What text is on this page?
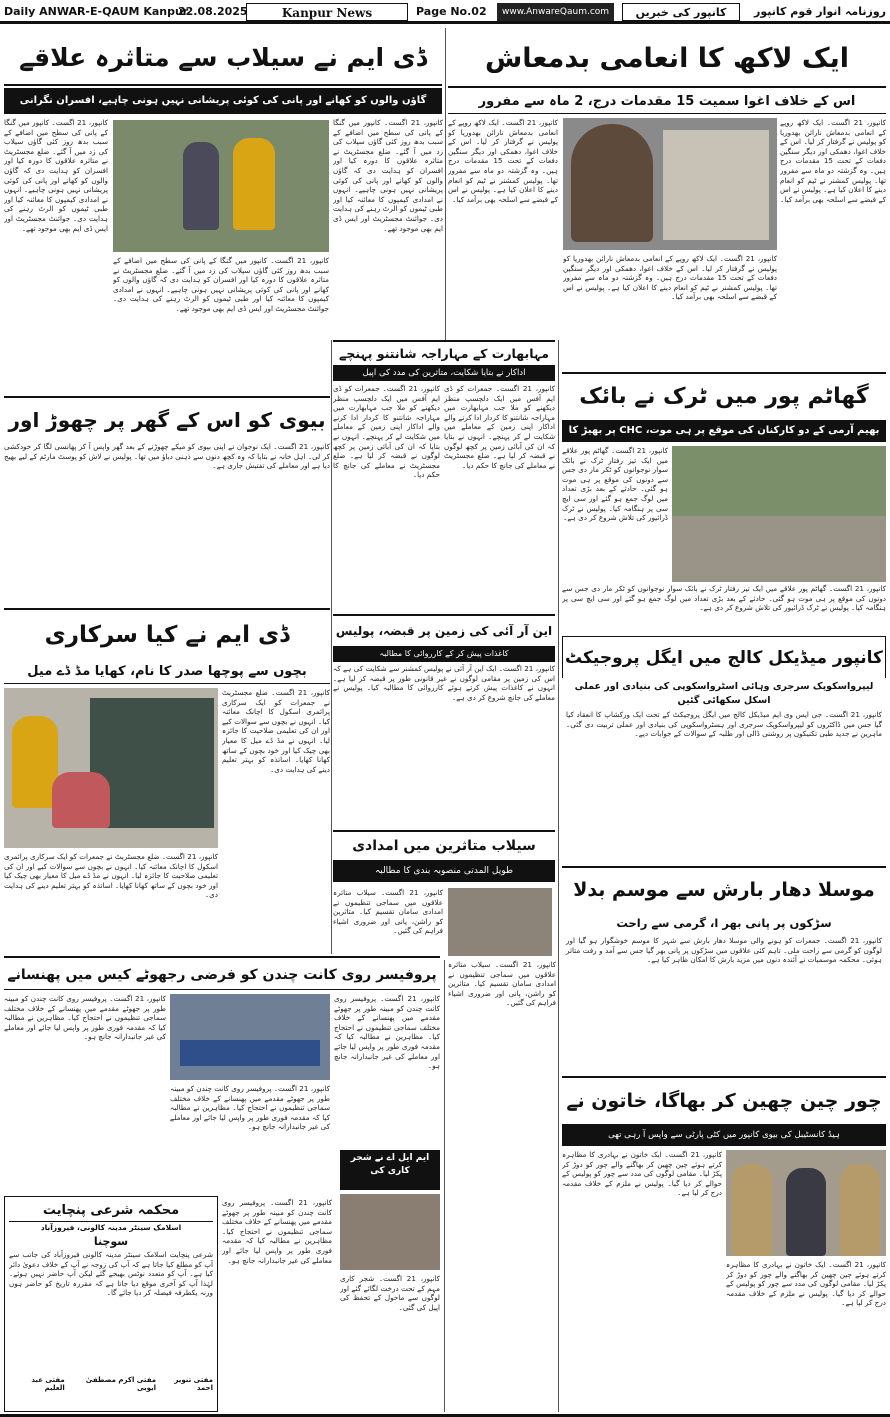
Daily ANWAR-E-QAUM Kanpur
22.08.2025	Kanpur News	Page No.02	www.AnwareQaum.com	کانپور کی خبریں	روزنامہ انوار قوم کانپور
ایک لاکھ کا انعامی بدمعاش
اس کے خلاف اغوا سمیت 15 مقدمات درج، 2 ماہ سے مفرور
کانپور، 21 اگست۔ ایک لاکھ روپے کے انعامی بدمعاش نارائن بھدوریا کو پولیس نے گرفتار کر لیا۔ اس کے خلاف اغوا، دھمکی اور دیگر سنگین دفعات کے تحت 15 مقدمات درج ہیں۔ وہ گزشتہ دو ماہ سے مفرور تھا۔ پولیس کمشنر نے ٹیم کو انعام دینے کا اعلان کیا ہے۔ پولیس نے اس کے قبضے سے اسلحہ بھی برآمد کیا۔
کانپور، 21 اگست۔ ایک لاکھ روپے کے انعامی بدمعاش نارائن بھدوریا کو پولیس نے گرفتار کر لیا۔ اس کے خلاف اغوا، دھمکی اور دیگر سنگین دفعات کے تحت 15 مقدمات درج ہیں۔ وہ گزشتہ دو ماہ سے مفرور تھا۔ پولیس کمشنر نے ٹیم کو انعام دینے کا اعلان کیا ہے۔ پولیس نے اس کے قبضے سے اسلحہ بھی برآمد کیا۔
کانپور، 21 اگست۔ ایک لاکھ روپے کے انعامی بدمعاش نارائن بھدوریا کو پولیس نے گرفتار کر لیا۔ اس کے خلاف اغوا، دھمکی اور دیگر سنگین دفعات کے تحت 15 مقدمات درج ہیں۔ وہ گزشتہ دو ماہ سے مفرور تھا۔ پولیس کمشنر نے ٹیم کو انعام دینے کا اعلان کیا ہے۔ پولیس نے اس کے قبضے سے اسلحہ بھی برآمد کیا۔
ڈی ایم نے سیلاب سے متاثرہ علاقے
گاؤں والوں کو کھانے اور پانی کی کوئی پریشانی نہیں ہونی چاہیے، افسران نگرانی
کانپور، 21 اگست۔ کانپور میں گنگا کے پانی کی سطح میں اضافے کے سبب بدھ روز کئی گاؤں سیلاب کی زد میں آ گئے۔ ضلع مجسٹریٹ نے متاثرہ علاقوں کا دورہ کیا اور افسران کو ہدایت دی کہ گاؤں والوں کو کھانے اور پانی کی کوئی پریشانی نہیں ہونی چاہیے۔ انہوں نے امدادی کیمپوں کا معائنہ کیا اور طبی ٹیموں کو الرٹ رہنے کی ہدایت دی۔ جوائنٹ مجسٹریٹ اور ایس ڈی ایم بھی موجود تھے۔
کانپور، 21 اگست۔ کانپور میں گنگا کے پانی کی سطح میں اضافے کے سبب بدھ روز کئی گاؤں سیلاب کی زد میں آ گئے۔ ضلع مجسٹریٹ نے متاثرہ علاقوں کا دورہ کیا اور افسران کو ہدایت دی کہ گاؤں والوں کو کھانے اور پانی کی کوئی پریشانی نہیں ہونی چاہیے۔ انہوں نے امدادی کیمپوں کا معائنہ کیا اور طبی ٹیموں کو الرٹ رہنے کی ہدایت دی۔ جوائنٹ مجسٹریٹ اور ایس ڈی ایم بھی موجود تھے۔
کانپور، 21 اگست۔ کانپور میں گنگا کے پانی کی سطح میں اضافے کے سبب بدھ روز کئی گاؤں سیلاب کی زد میں آ گئے۔ ضلع مجسٹریٹ نے متاثرہ علاقوں کا دورہ کیا اور افسران کو ہدایت دی کہ گاؤں والوں کو کھانے اور پانی کی کوئی پریشانی نہیں ہونی چاہیے۔ انہوں نے امدادی کیمپوں کا معائنہ کیا اور طبی ٹیموں کو الرٹ رہنے کی ہدایت دی۔ جوائنٹ مجسٹریٹ اور ایس ڈی ایم بھی موجود تھے۔
مہابھارت کے مہاراجہ شانتنو پہنچے
اداکار نے بتایا شکایت، متاثرین کی مدد کی اپیل
کانپور، 21 اگست۔ جمعرات کو ڈی ایم آفس میں ایک دلچسپ منظر دیکھنے کو ملا جب مہابھارت میں مہاراجہ شانتنو کا کردار ادا کرنے والے اداکار اپنی زمین کے معاملے میں شکایت لے کر پہنچے۔ انہوں نے بتایا کہ ان کی آبائی زمین پر کچھ لوگوں نے قبضہ کر لیا ہے۔ ضلع مجسٹریٹ نے معاملے کی جانچ کا حکم دیا۔
کانپور، 21 اگست۔ جمعرات کو ڈی ایم آفس میں ایک دلچسپ منظر دیکھنے کو ملا جب مہابھارت میں مہاراجہ شانتنو کا کردار ادا کرنے والے اداکار اپنی زمین کے معاملے میں شکایت لے کر پہنچے۔ انہوں نے بتایا کہ ان کی آبائی زمین پر کچھ لوگوں نے قبضہ کر لیا ہے۔ ضلع مجسٹریٹ نے معاملے کی جانچ کا حکم دیا۔
گھاٹم پور میں ٹرک نے بائک
بھیم آرمی کے دو کارکنان کی موقع پر ہی موت، CHC پر بھیڑ کا
کانپور، 21 اگست۔ گھاٹم پور علاقے میں ایک تیز رفتار ٹرک نے بائک سوار نوجوانوں کو ٹکر مار دی جس سے دونوں کی موقع پر ہی موت ہو گئی۔ حادثے کے بعد بڑی تعداد میں لوگ جمع ہو گئے اور سی ایچ سی پر ہنگامہ کیا۔ پولیس نے ٹرک ڈرائیور کی تلاش شروع کر دی ہے۔
کانپور، 21 اگست۔ گھاٹم پور علاقے میں ایک تیز رفتار ٹرک نے بائک سوار نوجوانوں کو ٹکر مار دی جس سے دونوں کی موقع پر ہی موت ہو گئی۔ حادثے کے بعد بڑی تعداد میں لوگ جمع ہو گئے اور سی ایچ سی پر ہنگامہ کیا۔ پولیس نے ٹرک ڈرائیور کی تلاش شروع کر دی ہے۔
بیوی کو اس کے گھر پر چھوڑ اور
کانپور، 21 اگست۔ ایک نوجوان نے اپنی بیوی کو میکے چھوڑنے کے بعد گھر واپس آ کر پھانسی لگا کر خودکشی کر لی۔ اہل خانہ نے بتایا کہ وہ کچھ دنوں سے ذہنی دباؤ میں تھا۔ پولیس نے لاش کو پوسٹ مارٹم کے لیے بھیج دیا ہے اور معاملے کی تفتیش جاری ہے۔
این آر آئی کی زمین پر قبضہ، پولیس
کاغذات پیش کر کے کارروائی کا مطالبہ
کانپور، 21 اگست۔ ایک این آر آئی نے پولیس کمشنر سے شکایت کی ہے کہ اس کی زمین پر مقامی لوگوں نے غیر قانونی طور پر قبضہ کر لیا ہے۔ انہوں نے کاغذات پیش کرتے ہوئے کارروائی کا مطالبہ کیا۔ پولیس نے معاملے کی جانچ شروع کر دی ہے۔
ڈی ایم نے کیا سرکاری
بچوں سے پوچھا صدر کا نام، کھایا مڈ ڈے میل
کانپور، 21 اگست۔ ضلع مجسٹریٹ نے جمعرات کو ایک سرکاری پرائمری اسکول کا اچانک معائنہ کیا۔ انہوں نے بچوں سے سوالات کیے اور ان کی تعلیمی صلاحیت کا جائزہ لیا۔ انہوں نے مڈ ڈے میل کا معیار بھی چیک کیا اور خود بچوں کے ساتھ کھانا کھایا۔ اساتذہ کو بہتر تعلیم دینے کی ہدایت دی۔
کانپور، 21 اگست۔ ضلع مجسٹریٹ نے جمعرات کو ایک سرکاری پرائمری اسکول کا اچانک معائنہ کیا۔ انہوں نے بچوں سے سوالات کیے اور ان کی تعلیمی صلاحیت کا جائزہ لیا۔ انہوں نے مڈ ڈے میل کا معیار بھی چیک کیا اور خود بچوں کے ساتھ کھانا کھایا۔ اساتذہ کو بہتر تعلیم دینے کی ہدایت دی۔
کانپور میڈیکل کالج میں ایگل پروجیکٹ
لیپرواسکوپک سرجری وہائی اسٹرواسکوپی کی بنیادی اور عملی اسکل سکھائی گئیں
کانپور، 21 اگست۔ جی ایس وی ایم میڈیکل کالج میں ایگل پروجیکٹ کے تحت ایک ورکشاپ کا انعقاد کیا گیا جس میں ڈاکٹروں کو لیپرواسکوپک سرجری اور ہسٹرواسکوپی کی بنیادی اور عملی تربیت دی گئی۔ ماہرین نے جدید طبی تکنیکوں پر روشنی ڈالی اور طلبہ کے سوالات کے جوابات دیے۔
سیلاب متاثرین میں امدادی
طویل المدتی منصوبہ بندی کا مطالبہ
کانپور، 21 اگست۔ سیلاب متاثرہ علاقوں میں سماجی تنظیموں نے امدادی سامان تقسیم کیا۔ متاثرین کو راشن، پانی اور ضروری اشیاء فراہم کی گئیں۔
موسلا دھار بارش سے موسم بدلا
سڑکوں پر پانی بھر ا، گرمی سے راحت
کانپور، 21 اگست۔ جمعرات کو ہونے والی موسلا دھار بارش سے شہر کا موسم خوشگوار ہو گیا اور لوگوں کو گرمی سے راحت ملی۔ تاہم کئی علاقوں میں سڑکوں پر پانی بھر گیا جس سے آمد و رفت متاثر ہوئی۔ محکمہ موسمیات نے آئندہ دنوں میں مزید بارش کا امکان ظاہر کیا ہے۔
پروفیسر روی کانت چندن کو فرضی رجھوٹے کیس میں پھنسانے
کانپور، 21 اگست۔ پروفیسر روی کانت چندن کو مبینہ طور پر جھوٹے مقدمے میں پھنسانے کے خلاف مختلف سماجی تنظیموں نے احتجاج کیا۔ مظاہرین نے مطالبہ کیا کہ مقدمہ فوری طور پر واپس لیا جائے اور معاملے کی غیر جانبدارانہ جانچ ہو۔
کانپور، 21 اگست۔ پروفیسر روی کانت چندن کو مبینہ طور پر جھوٹے مقدمے میں پھنسانے کے خلاف مختلف سماجی تنظیموں نے احتجاج کیا۔ مظاہرین نے مطالبہ کیا کہ مقدمہ فوری طور پر واپس لیا جائے اور معاملے کی غیر جانبدارانہ جانچ ہو۔
کانپور، 21 اگست۔ پروفیسر روی کانت چندن کو مبینہ طور پر جھوٹے مقدمے میں پھنسانے کے خلاف مختلف سماجی تنظیموں نے احتجاج کیا۔ مظاہرین نے مطالبہ کیا کہ مقدمہ فوری طور پر واپس لیا جائے اور معاملے کی غیر جانبدارانہ جانچ ہو۔
ایم ایل اے نے شجر کاری کی
کانپور، 21 اگست۔ شجر کاری مہم کے تحت درخت لگائے گئے اور لوگوں سے ماحول کے تحفظ کی اپیل کی گئی۔
کانپور، 21 اگست۔ سیلاب متاثرہ علاقوں میں سماجی تنظیموں نے امدادی سامان تقسیم کیا۔ متاثرین کو راشن، پانی اور ضروری اشیاء فراہم کی گئیں۔
کانپور، 21 اگست۔ پروفیسر روی کانت چندن کو مبینہ طور پر جھوٹے مقدمے میں پھنسانے کے خلاف مختلف سماجی تنظیموں نے احتجاج کیا۔ مظاہرین نے مطالبہ کیا کہ مقدمہ فوری طور پر واپس لیا جائے اور معاملے کی غیر جانبدارانہ جانچ ہو۔
چور چین چھین کر بھاگا، خاتون نے
ہیڈ کانسٹیبل کی بیوی کانپور میں کٹی پارٹی سے واپس آ رہی تھی
کانپور، 21 اگست۔ ایک خاتون نے بہادری کا مظاہرہ کرتے ہوئے چین چھین کر بھاگنے والے چور کو دوڑ کر پکڑ لیا۔ مقامی لوگوں کی مدد سے چور کو پولیس کے حوالے کر دیا گیا۔ پولیس نے ملزم کے خلاف مقدمہ درج کر لیا ہے۔
کانپور، 21 اگست۔ ایک خاتون نے بہادری کا مظاہرہ کرتے ہوئے چین چھین کر بھاگنے والے چور کو دوڑ کر پکڑ لیا۔ مقامی لوگوں کی مدد سے چور کو پولیس کے حوالے کر دیا گیا۔ پولیس نے ملزم کے خلاف مقدمہ درج کر لیا ہے۔
محکمہ شرعی پنچایت
اسلامک سینٹر مدینہ کالونی، فیروزآباد
سوچنا
شرعی پنچایت اسلامک سینٹر مدینہ کالونی فیروزآباد کی جانب سے آپ کو مطلع کیا جاتا ہے کہ آپ کی زوجہ نے آپ کے خلاف دعویٰ دائر کیا ہے۔ آپ کو متعدد نوٹس بھیجے گئے لیکن آپ حاضر نہیں ہوئے۔ لہٰذا آپ کو آخری موقع دیا جاتا ہے کہ مقررہ تاریخ کو حاضر ہوں ورنہ یکطرفہ فیصلہ کر دیا جائے گا۔
مفتی تنویر احمد
مفتی اکرم مصطفیٰ ایوبی
مفتی عبد العلیم
